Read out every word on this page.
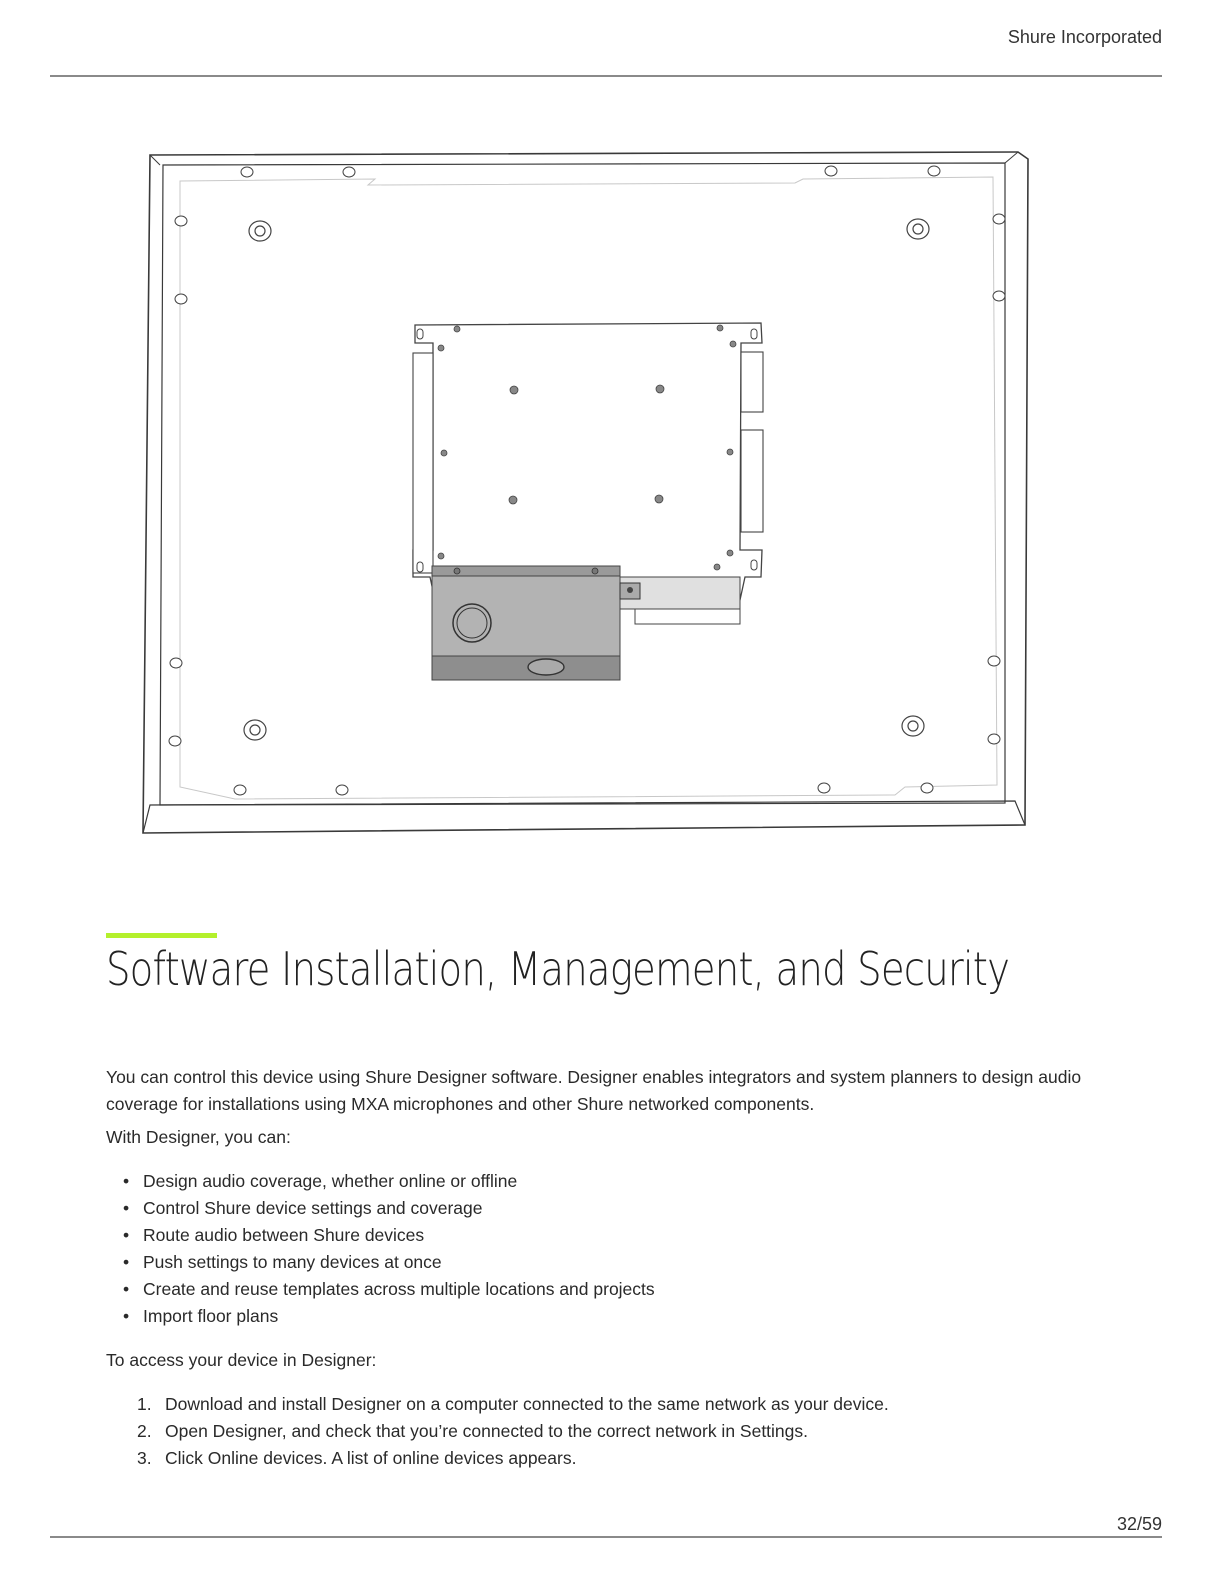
Shure Incorporated
Software Installation, Management, and Security

You can control this device using Shure Designer software. Designer enables integrators and system planners to design audio coverage for installations using MXA microphones and other Shure networked components.

With Designer, you can:

• Design audio coverage, whether online or offline
• Control Shure device settings and coverage
• Route audio between Shure devices
• Push settings to many devices at once
• Create and reuse templates across multiple locations and projects
• Import floor plans

To access your device in Designer:

1. Download and install Designer on a computer connected to the same network as your device.
2. Open Designer, and check that you’re connected to the correct network in Settings.
3. Click Online devices. A list of online devices appears.
32/59
